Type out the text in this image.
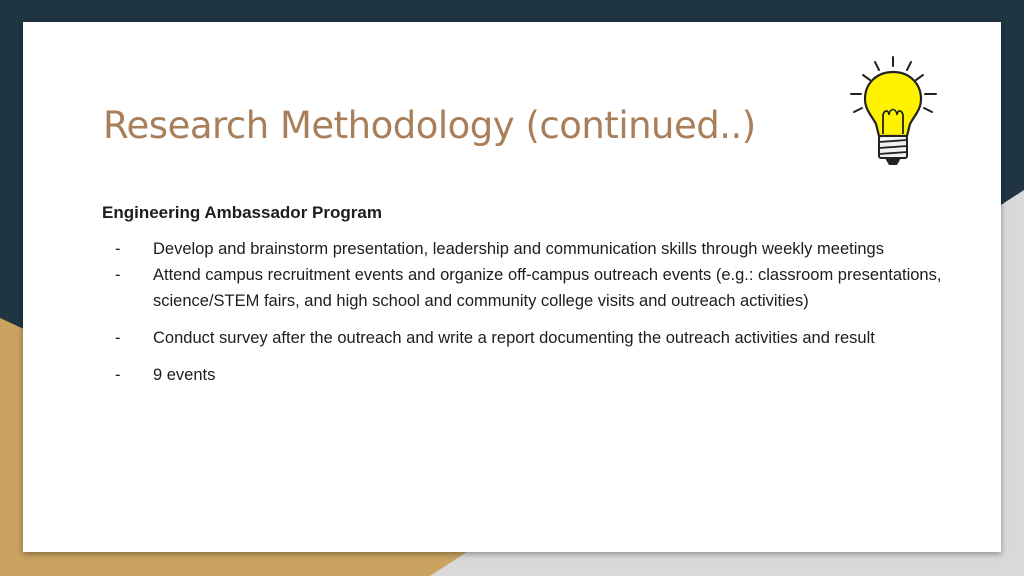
Research Methodology (continued..)

Engineering Ambassador Program

- Develop and brainstorm presentation, leadership and communication skills through weekly meetings
- Attend campus recruitment events and organize off-campus outreach events (e.g.: classroom presentations, science/STEM fairs, and high school and community college visits and outreach activities)
- Conduct survey after the outreach and write a report documenting the outreach activities and result
- 9 events
